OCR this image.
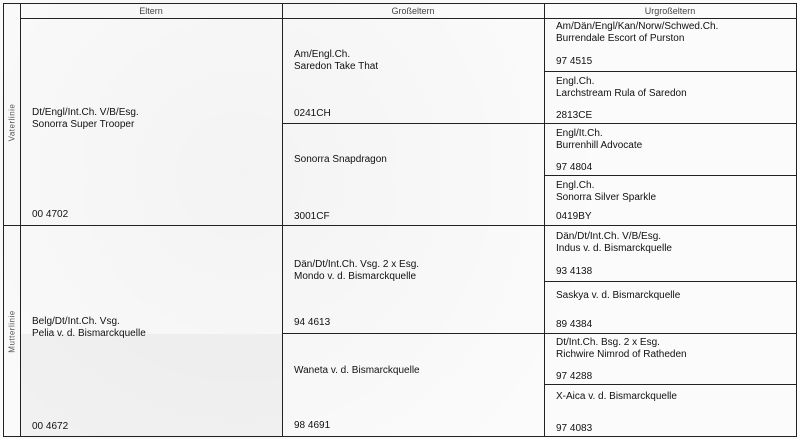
Eltern	Großeltern	Urgroßeltern
Vaterlinie
Mutterlinie
Dt/Engl/Int.Ch. V/B/Esg.
Sonorra Super Trooper
00 4702
Belg/Dt/Int.Ch. Vsg.
Pelia v. d. Bismarckquelle
00 4672
Am/Engl.Ch.
Saredon Take That
0241CH
Sonorra Snapdragon
3001CF
Dän/Dt/Int.Ch. Vsg. 2 x Esg.
Mondo v. d. Bismarckquelle
94 4613
Waneta v. d. Bismarckquelle
98 4691
Am/Dän/Engl/Kan/Norw/Schwed.Ch.
Burrendale Escort of Purston
97 4515
Engl.Ch.
Larchstream Rula of Saredon
2813CE
Engl/It.Ch.
Burrenhill Advocate
97 4804
Engl.Ch.
Sonorra Silver Sparkle
0419BY
Dän/Dt/Int.Ch. V/B/Esg.
Indus v. d. Bismarckquelle
93 4138
Saskya v. d. Bismarckquelle
89 4384
Dt/Int.Ch. Bsg. 2 x Esg.
Richwire Nimrod of Ratheden
97 4288
X-Aica v. d. Bismarckquelle
97 4083
